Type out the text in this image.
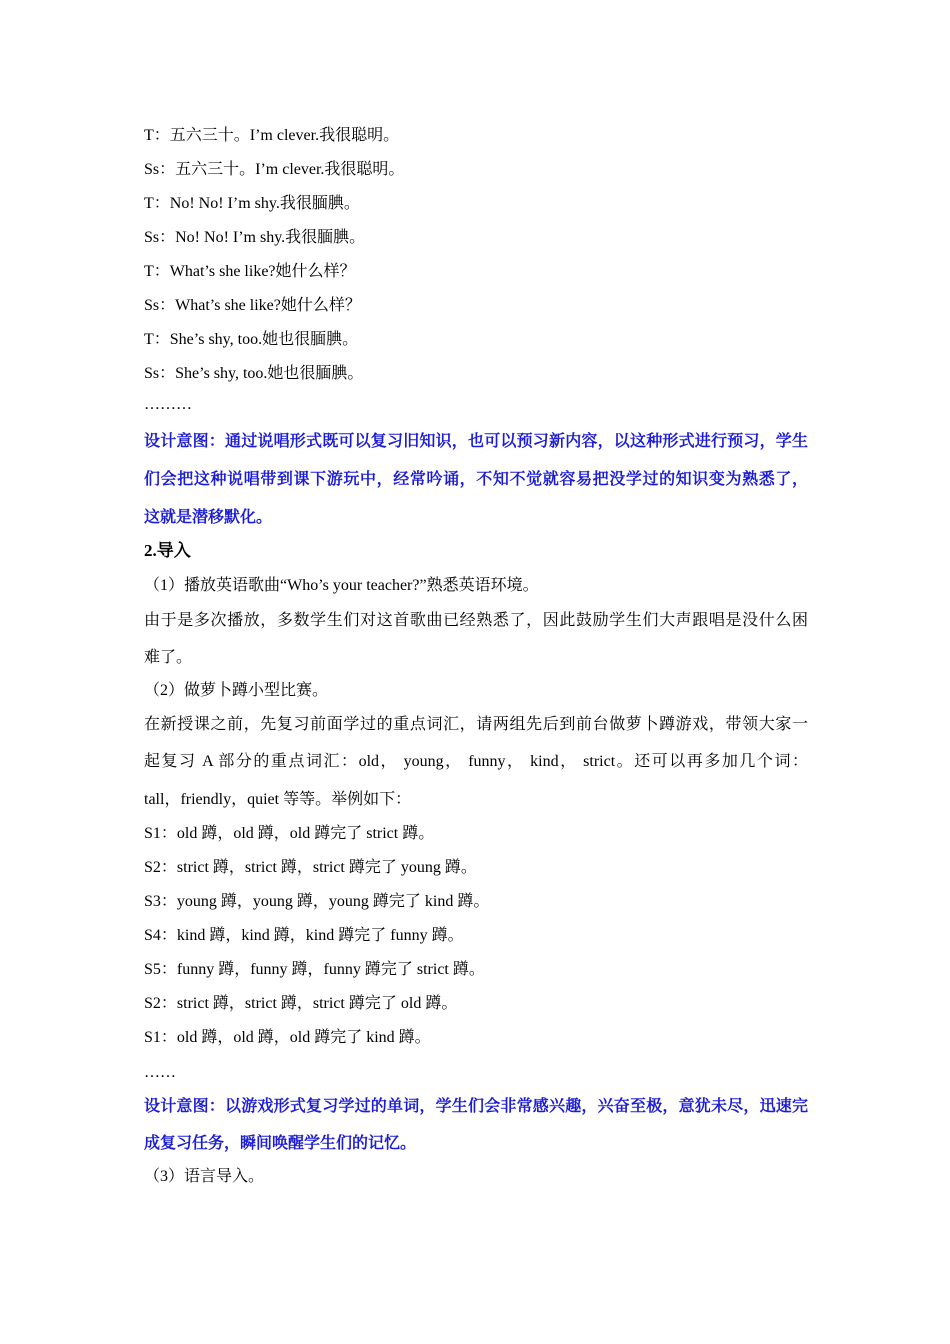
T：五六三十。I’m clever.我很聪明。

Ss：五六三十。I’m clever.我很聪明。

T：No! No! I’m shy.我很腼腆。

Ss：No! No! I’m shy.我很腼腆。

T：What’s she like?她什么样？

Ss：What’s she like?她什么样？

T：She’s shy, too.她也很腼腆。

Ss：She’s shy, too.她也很腼腆。

………

设计意图：通过说唱形式既可以复习旧知识，也可以预习新内容，以这种形式进行预习，学生

们会把这种说唱带到课下游玩中，经常吟诵，不知不觉就容易把没学过的知识变为熟悉了，

这就是潜移默化。

2.导入

（1）播放英语歌曲“Who’s your teacher?”熟悉英语环境。

由于是多次播放，多数学生们对这首歌曲已经熟悉了，因此鼓励学生们大声跟唱是没什么困

难了。

（2）做萝卜蹲小型比赛。

在新授课之前，先复习前面学过的重点词汇，请两组先后到前台做萝卜蹲游戏，带领大家一

起复习 A 部分的重点词汇：old， young， funny， kind， strict。还可以再多加几个词：

tall，friendly，quiet 等等。举例如下：

S1：old 蹲，old 蹲，old 蹲完了 strict 蹲。

S2：strict 蹲，strict 蹲，strict 蹲完了 young 蹲。

S3：young 蹲，young 蹲，young 蹲完了 kind 蹲。

S4：kind 蹲，kind 蹲，kind 蹲完了 funny 蹲。

S5：funny 蹲，funny 蹲，funny 蹲完了 strict 蹲。

S2：strict 蹲，strict 蹲，strict 蹲完了 old 蹲。

S1：old 蹲，old 蹲，old 蹲完了 kind 蹲。

……

设计意图：以游戏形式复习学过的单词，学生们会非常感兴趣，兴奋至极，意犹未尽，迅速完

成复习任务，瞬间唤醒学生们的记忆。

（3）语言导入。
